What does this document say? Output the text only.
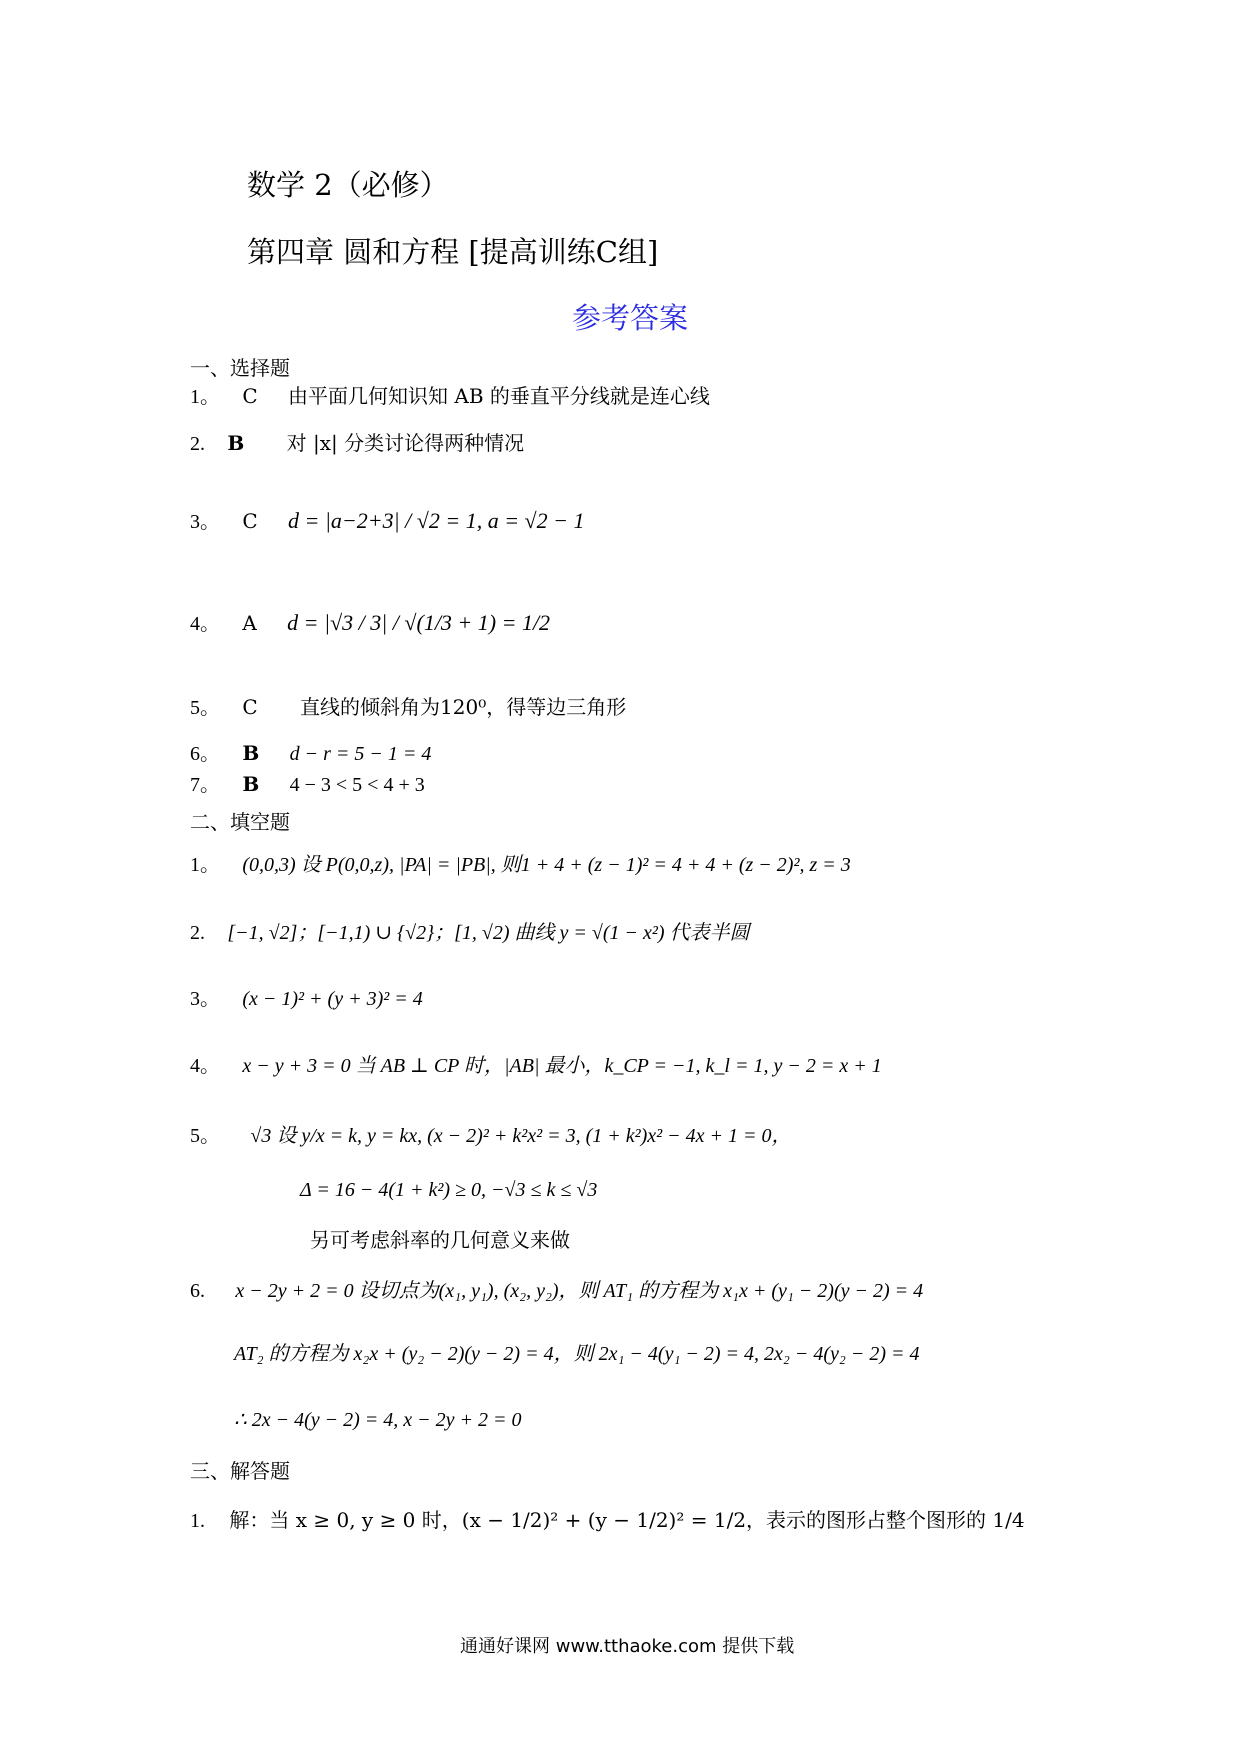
数学 2（必修）
第四章 圆和方程 [提高训练C组]
参考答案
一、选择题
1。 C 由平面几何知识知 AB 的垂直平分线就是连心线
2. B 对 |x| 分类讨论得两种情况
3。 C d = |a−2+3| / √2 = 1, a = √2 − 1
4。 A d = |√3 / 3| / √(1/3 + 1) = 1/2
5。 C 直线的倾斜角为120⁰，得等边三角形
6。 B d − r = 5 − 1 = 4
7。 B 4 − 3 < 5 < 4 + 3
二、填空题
1。 (0,0,3) 设 P(0,0,z), |PA| = |PB|, 则1 + 4 + (z − 1)² = 4 + 4 + (z − 2)², z = 3
2. [−1, √2]；[−1,1) ∪ {√2}；[1, √2) 曲线 y = √(1 − x²) 代表半圆
3。 (x − 1)² + (y + 3)² = 4
4。 x − y + 3 = 0 当 AB ⊥ CP 时，|AB| 最小，k_CP = −1, k_l = 1, y − 2 = x + 1
5。 √3 设 y/x = k, y = kx, (x − 2)² + k²x² = 3, (1 + k²)x² − 4x + 1 = 0，
Δ = 16 − 4(1 + k²) ≥ 0, −√3 ≤ k ≤ √3
另可考虑斜率的几何意义来做
6. x − 2y + 2 = 0 设切点为(x₁, y₁), (x₂, y₂)，则 AT₁ 的方程为 x₁x + (y₁ − 2)(y − 2) = 4
AT₂ 的方程为 x₂x + (y₂ − 2)(y − 2) = 4，则 2x₁ − 4(y₁ − 2) = 4, 2x₂ − 4(y₂ − 2) = 4
∴ 2x − 4(y − 2) = 4, x − 2y + 2 = 0
三、解答题
1. 解：当 x ≥ 0, y ≥ 0 时，(x − 1/2)² + (y − 1/2)² = 1/2，表示的图形占整个图形的 1/4
通通好课网 www.tthaoke.com 提供下载
